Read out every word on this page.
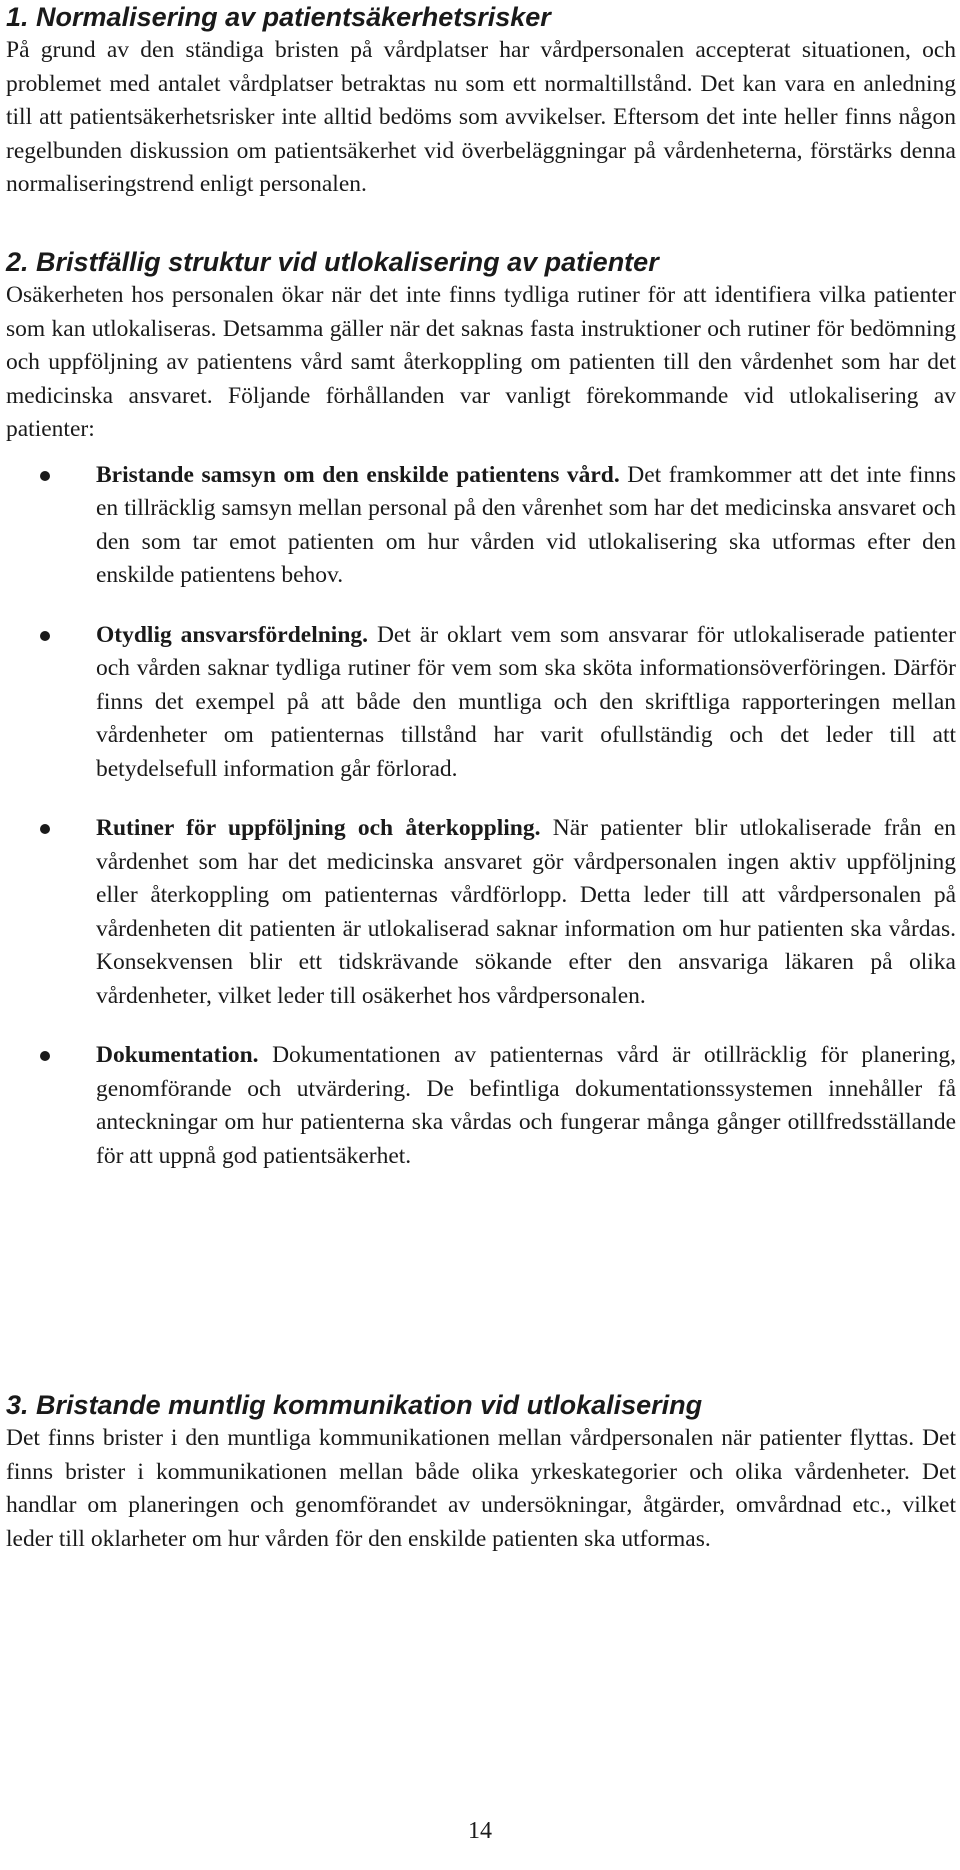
1. Normalisering av patientsäkerhetsrisker

På grund av den ständiga bristen på vårdplatser har vårdpersonalen accepterat situationen, och problemet med antalet vårdplatser betraktas nu som ett normaltillstånd. Det kan vara en anledning till att patientsäkerhetsrisker inte alltid bedöms som avvikelser. Eftersom det inte heller finns någon regelbunden diskussion om patientsäkerhet vid överbeläggningar på vårdenheterna, förstärks denna normaliseringstrend enligt personalen.

2. Bristfällig struktur vid utlokalisering av patienter

Osäkerheten hos personalen ökar när det inte finns tydliga rutiner för att identifiera vilka patienter som kan utlokaliseras. Detsamma gäller när det saknas fasta instruktioner och rutiner för bedömning och uppföljning av patientens vård samt återkoppling om patienten till den vårdenhet som har det medicinska ansvaret. Följande förhållanden var vanligt förekommande vid utlokalisering av patienter:

Bristande samsyn om den enskilde patientens vård. Det framkommer att det inte finns en tillräcklig samsyn mellan personal på den vårenhet som har det medicinska ansvaret och den som tar emot patienten om hur vården vid utlokalisering ska utformas efter den enskilde patientens behov.

Otydlig ansvarsfördelning. Det är oklart vem som ansvarar för utlokaliserade patienter och vården saknar tydliga rutiner för vem som ska sköta informationsöverföringen. Därför finns det exempel på att både den muntliga och den skriftliga rapporteringen mellan vårdenheter om patienternas tillstånd har varit ofullständig och det leder till att betydelsefull information går förlorad.

Rutiner för uppföljning och återkoppling. När patienter blir utlokaliserade från en vårdenhet som har det medicinska ansvaret gör vårdpersonalen ingen aktiv uppföljning eller återkoppling om patienternas vårdförlopp. Detta leder till att vårdpersonalen på vårdenheten dit patienten är utlokaliserad saknar information om hur patienten ska vårdas. Konsekvensen blir ett tidskrävande sökande efter den ansvariga läkaren på olika vårdenheter, vilket leder till osäkerhet hos vårdpersonalen.

Dokumentation. Dokumentationen av patienternas vård är otillräcklig för planering, genomförande och utvärdering. De befintliga dokumentationssystemen innehåller få anteckningar om hur patienterna ska vårdas och fungerar många gånger otillfredsställande för att uppnå god patientsäkerhet.

3. Bristande muntlig kommunikation vid utlokalisering

Det finns brister i den muntliga kommunikationen mellan vårdpersonalen när patienter flyttas. Det finns brister i kommunikationen mellan både olika yrkeskategorier och olika vårdenheter. Det handlar om planeringen och genomförandet av undersökningar, åtgärder, omvårdnad etc., vilket leder till oklarheter om hur vården för den enskilde patienten ska utformas.

14
